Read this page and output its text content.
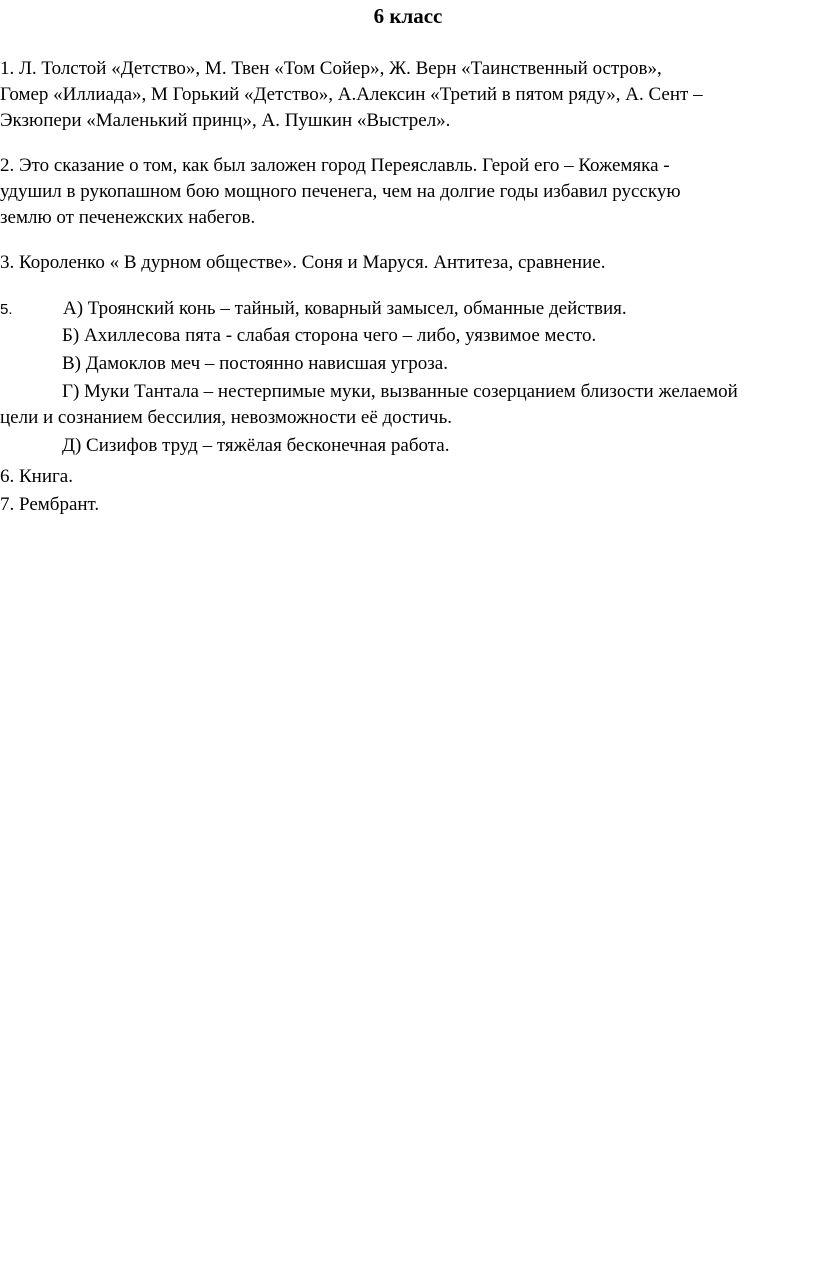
6 класс
1. Л. Толстой «Детство», М. Твен «Том Сойер», Ж. Верн «Таинственный остров»,
Гомер «Иллиада», М Горький «Детство», А.Алексин «Третий в пятом ряду», А. Сент –
Экзюпери «Маленький принц», А. Пушкин «Выстрел».
2. Это сказание о том, как был заложен город Переяславль. Герой его – Кожемяка -
удушил в рукопашном бою мощного печенега, чем на долгие годы избавил русскую
землю от печенежских набегов.
3. Короленко « В дурном обществе». Соня и Маруся. Антитеза, сравнение.
5.	А) Троянский конь – тайный, коварный замысел, обманные действия.
Б) Ахиллесова пята - слабая сторона чего – либо, уязвимое место.
В) Дамоклов меч – постоянно нависшая угроза.
Г) Муки Тантала – нестерпимые муки, вызванные созерцанием близости желаемой
цели и сознанием бессилия, невозможности её достичь.
Д) Сизифов труд – тяжёлая бесконечная работа.
6. Книга.
7. Рембрант.
